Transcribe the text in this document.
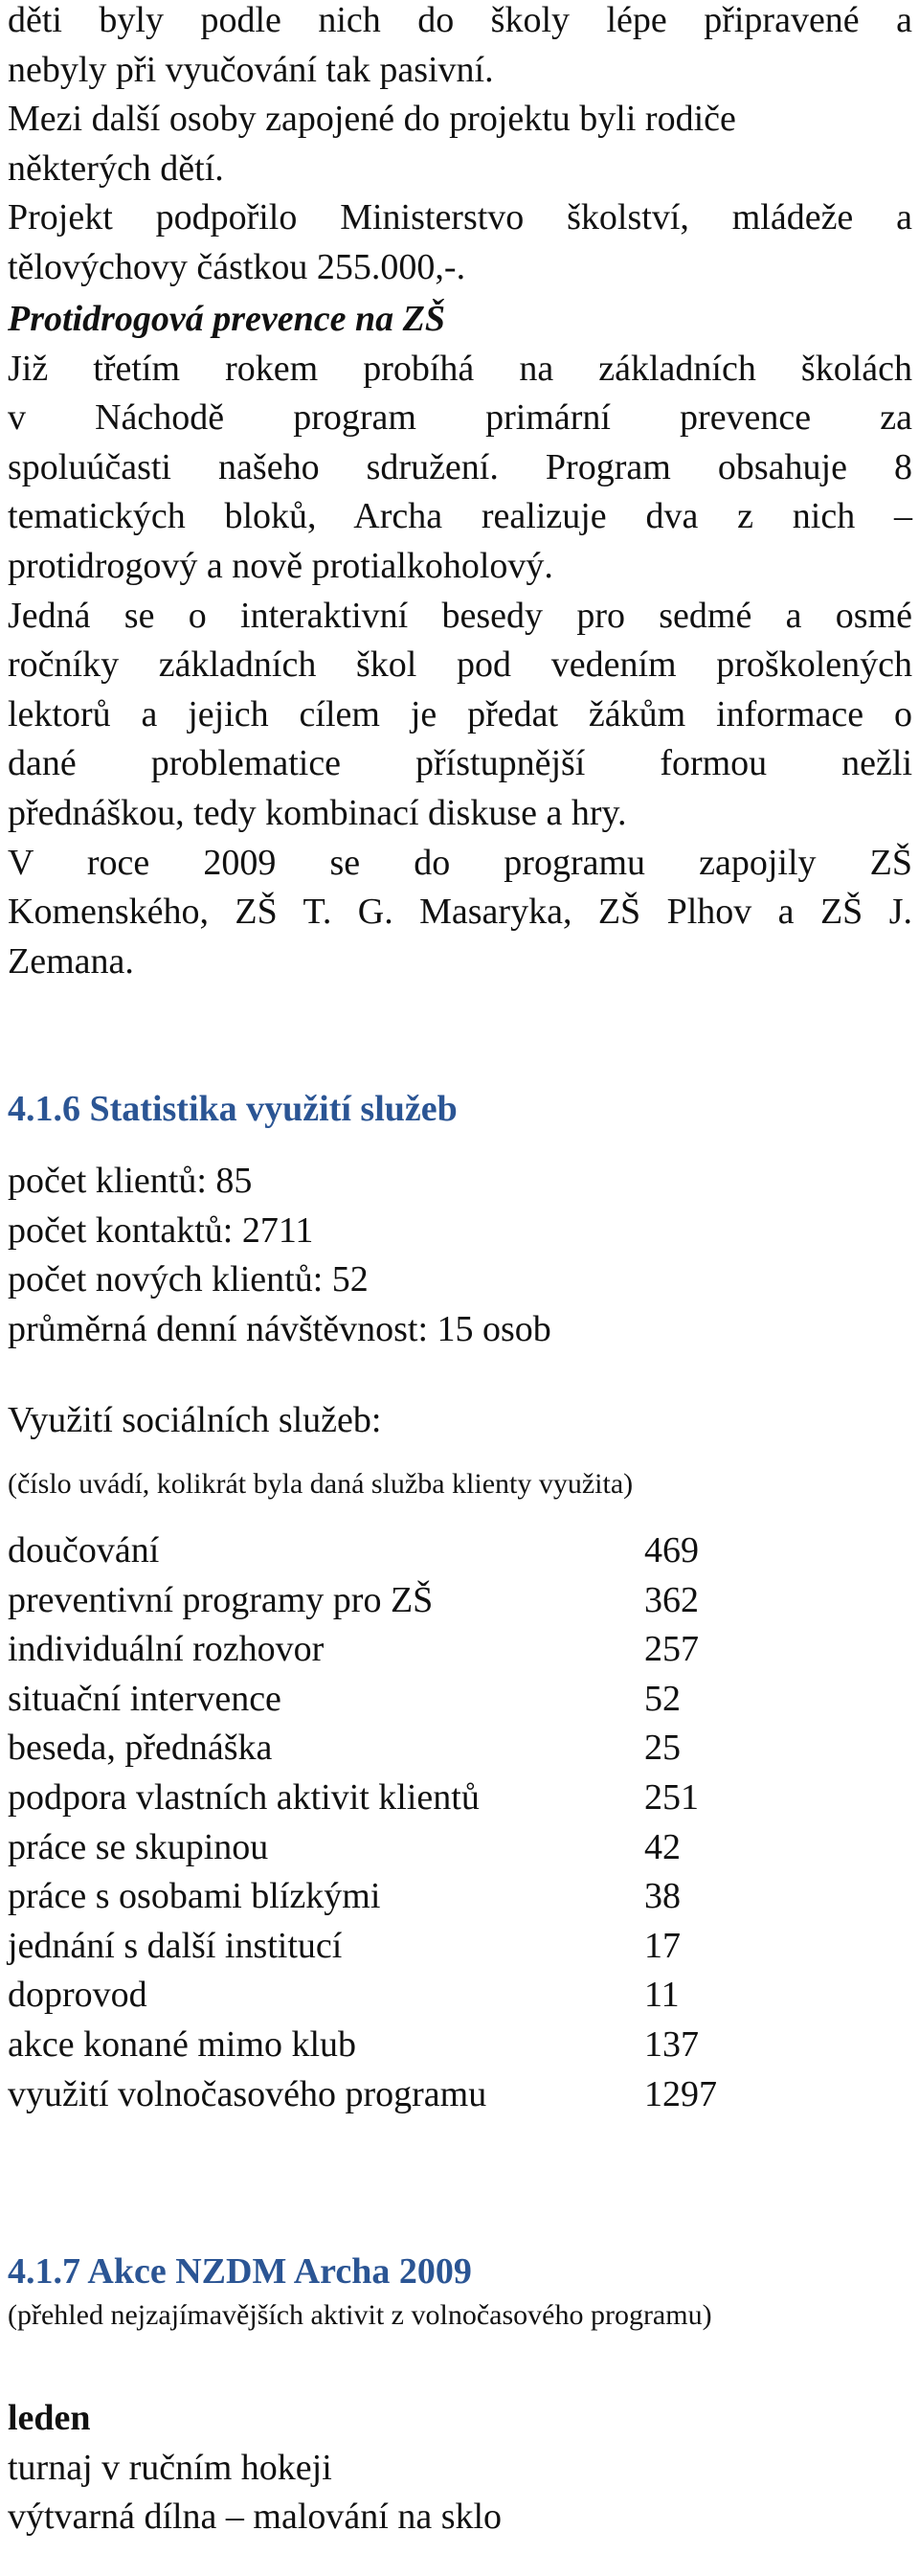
děti byly podle nich do školy lépe připravené a
nebyly při vyučování tak pasivní.
Mezi další osoby zapojené do projektu byli rodiče
některých dětí.
Projekt podpořilo Ministerstvo školství, mládeže a
tělovýchovy částkou 255.000,-.
Protidrogová prevence na ZŠ
Již třetím rokem probíhá na základních školách
v Náchodě program primární prevence za
spoluúčasti našeho sdružení. Program obsahuje 8
tematických bloků, Archa realizuje dva z nich –
protidrogový a nově protialkoholový.
Jedná se o interaktivní besedy pro sedmé a osmé
ročníky základních škol pod vedením proškolených
lektorů a jejich cílem je předat žákům informace o
dané problematice přístupnější formou nežli
přednáškou, tedy kombinací diskuse a hry.
V roce 2009 se do programu zapojily ZŠ
Komenského, ZŠ T. G. Masaryka, ZŠ Plhov a ZŠ J.
Zemana.
4.1.6 Statistika využití služeb
počet klientů: 85
počet kontaktů: 2711
počet nových klientů: 52
průměrná denní návštěvnost: 15 osob
Využití sociálních služeb:
(číslo uvádí, kolikrát byla daná služba klienty využita)
doučování	469
preventivní programy pro ZŠ	362
individuální rozhovor	257
situační intervence	52
beseda, přednáška	25
podpora vlastních aktivit klientů	251
práce se skupinou	42
práce s osobami blízkými	38
jednání s další institucí	17
doprovod	11
akce konané mimo klub	137
využití volnočasového programu	1297
4.1.7 Akce NZDM Archa 2009
(přehled nejzajímavějších aktivit z volnočasového programu)
leden
turnaj v ručním hokeji
výtvarná dílna – malování na sklo
